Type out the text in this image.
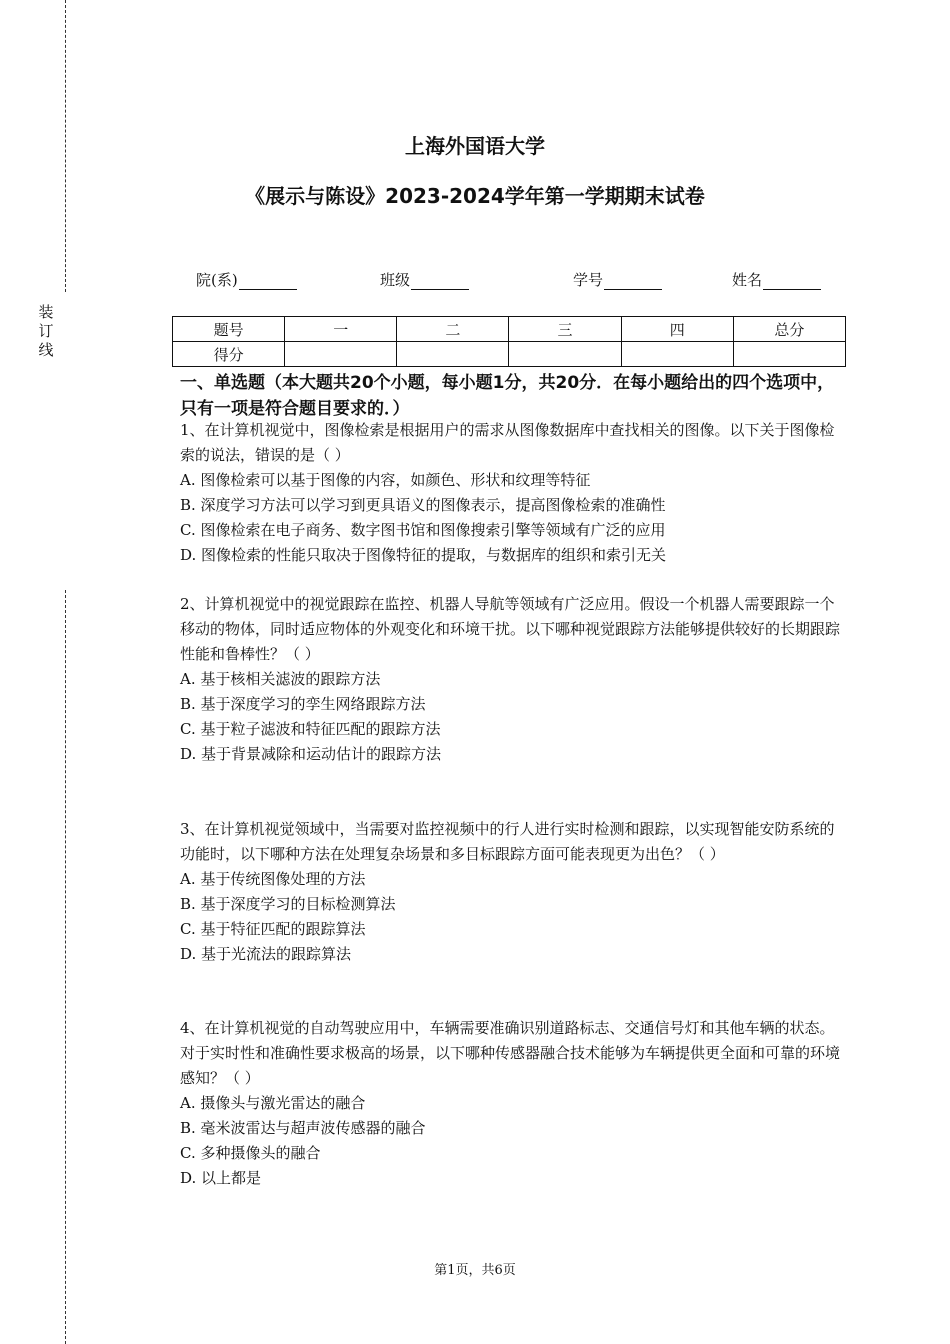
装
订
线
上海外国语大学
《展示与陈设》2023-2024学年第一学期期末试卷
院(系)	班级	学号	姓名
题号	一	二	三	四	总分
得分					
一、单选题（本大题共20个小题，每小题1分，共20分．在每小题给出的四个选项中，只有一项是符合题目要求的．）

1、在计算机视觉中，图像检索是根据用户的需求从图像数据库中查找相关的图像。以下关于图像检索的说法，错误的是（ ）

A. 图像检索可以基于图像的内容，如颜色、形状和纹理等特征

B. 深度学习方法可以学习到更具语义的图像表示，提高图像检索的准确性

C. 图像检索在电子商务、数字图书馆和图像搜索引擎等领域有广泛的应用

D. 图像检索的性能只取决于图像特征的提取，与数据库的组织和索引无关

2、计算机视觉中的视觉跟踪在监控、机器人导航等领域有广泛应用。假设一个机器人需要跟踪一个移动的物体，同时适应物体的外观变化和环境干扰。以下哪种视觉跟踪方法能够提供较好的长期跟踪性能和鲁棒性？（ ）

A. 基于核相关滤波的跟踪方法

B. 基于深度学习的孪生网络跟踪方法

C. 基于粒子滤波和特征匹配的跟踪方法

D. 基于背景减除和运动估计的跟踪方法

3、在计算机视觉领域中，当需要对监控视频中的行人进行实时检测和跟踪，以实现智能安防系统的功能时，以下哪种方法在处理复杂场景和多目标跟踪方面可能表现更为出色？（ ）

A. 基于传统图像处理的方法

B. 基于深度学习的目标检测算法

C. 基于特征匹配的跟踪算法

D. 基于光流法的跟踪算法

4、在计算机视觉的自动驾驶应用中，车辆需要准确识别道路标志、交通信号灯和其他车辆的状态。对于实时性和准确性要求极高的场景，以下哪种传感器融合技术能够为车辆提供更全面和可靠的环境感知？（ ）

A. 摄像头与激光雷达的融合

B. 毫米波雷达与超声波传感器的融合

C. 多种摄像头的融合

D. 以上都是

第1页，共6页
